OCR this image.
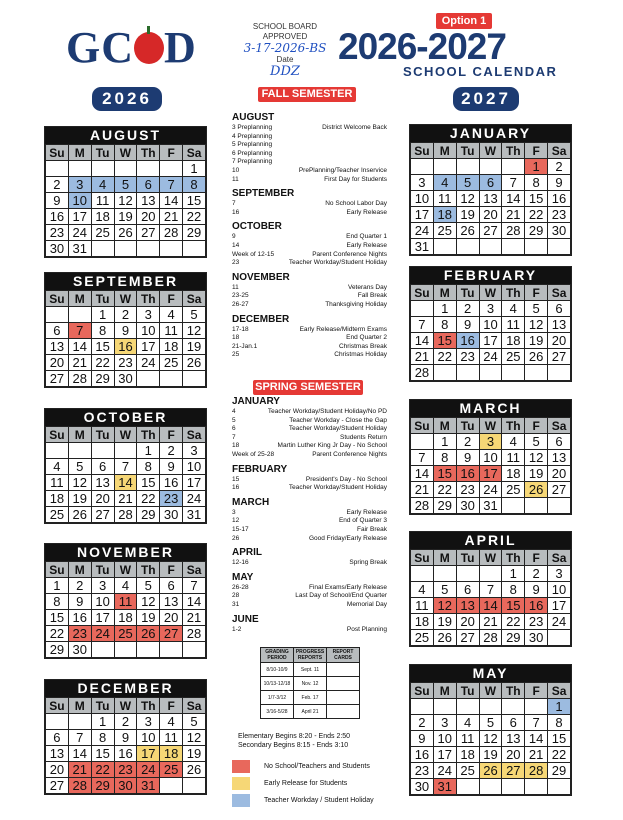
GC D	SCHOOL BOARD
APPROVED
3-17-2026-BS
Date
DDZ
Option 1
2026-2027
SCHOOL CALENDAR
2026	2027
AUGUST
Su	M	Tu	W	Th	F	Sa
						1
2	3	4	5	6	7	8
9	10	11	12	13	14	15
16	17	18	19	20	21	22
23	24	25	26	27	28	29
30	31					
SEPTEMBER
Su	M	Tu	W	Th	F	Sa
		1	2	3	4	5
6	7	8	9	10	11	12
13	14	15	16	17	18	19
20	21	22	23	24	25	26
27	28	29	30			
OCTOBER
Su	M	Tu	W	Th	F	Sa
				1	2	3
4	5	6	7	8	9	10
11	12	13	14	15	16	17
18	19	20	21	22	23	24
25	26	27	28	29	30	31
NOVEMBER
Su	M	Tu	W	Th	F	Sa
1	2	3	4	5	6	7
8	9	10	11	12	13	14
15	16	17	18	19	20	21
22	23	24	25	26	27	28
29	30					
DECEMBER
Su	M	Tu	W	Th	F	Sa
		1	2	3	4	5
6	7	8	9	10	11	12
13	14	15	16	17	18	19
20	21	22	23	24	25	26
27	28	29	30	31		
JANUARY
Su	M	Tu	W	Th	F	Sa
					1	2
3	4	5	6	7	8	9
10	11	12	13	14	15	16
17	18	19	20	21	22	23
24	25	26	27	28	29	30
31						
FEBRUARY
Su	M	Tu	W	Th	F	Sa
	1	2	3	4	5	6
7	8	9	10	11	12	13
14	15	16	17	18	19	20
21	22	23	24	25	26	27
28						
MARCH
Su	M	Tu	W	Th	F	Sa
	1	2	3	4	5	6
7	8	9	10	11	12	13
14	15	16	17	18	19	20
21	22	23	24	25	26	27
28	29	30	31			
APRIL
Su	M	Tu	W	Th	F	Sa
				1	2	3
4	5	6	7	8	9	10
11	12	13	14	15	16	17
18	19	20	21	22	23	24
25	26	27	28	29	30	
MAY
Su	M	Tu	W	Th	F	Sa
						1
2	3	4	5	6	7	8
9	10	11	12	13	14	15
16	17	18	19	20	21	22
23	24	25	26	27	28	29
30	31					
FALL SEMESTER
SPRING SEMESTER
AUGUST
3 Preplanning	District Welcome Back
4 Preplanning
5 Preplanning
6 Preplanning
7 Preplanning
10	PrePlanning/Teacher Inservice
11	First Day for Students
SEPTEMBER
7	No School Labor Day
16	Early Release
OCTOBER
9	End Quarter 1
14	Early Release
Week of 12-15	Parent Conference Nights
23	Teacher Workday/Student Holiday
NOVEMBER
11	Veterans Day
23-25	Fall Break
26-27	Thanksgiving Holiday
DECEMBER
17-18	Early Release/Midterm Exams
18	End Quarter 2
21-Jan.1	Christmas Break
25	Christmas Holiday
JANUARY
4	Teacher Workday/Student Holiday/No PD
5	Teacher Workday - Close the Gap
6	Teacher Workday/Student Holiday
7	Students Return
18	Martin Luther King Jr Day - No School
Week of 25-28	Parent Conference Nights
FEBRUARY
15	President's Day - No School
16	Teacher Workday/Student Holiday
MARCH
3	Early Release
12	End of Quarter 3
15-17	Fair Break
26	Good Friday/Early Release
APRIL
12-16	Spring Break
MAY
26-28	Final Exams/Early Release
28	Last Day of School/End Quarter
31	Memorial Day
JUNE
1-2	Post Planning
GRADING PERIOD	PROGRESS REPORTS	REPORT CARDS
8/10-10/9	Sept. 11	
10/13-12/18	Nov. 12	
1/7-3/12	Feb. 17	
3/16-5/28	April 21	
Elementary Begins 8:20 - Ends 2:50
Secondary Begins 8:15 - Ends 3:10
No School/Teachers and Students
Early Release for Students
Teacher Workday / Student Holiday
